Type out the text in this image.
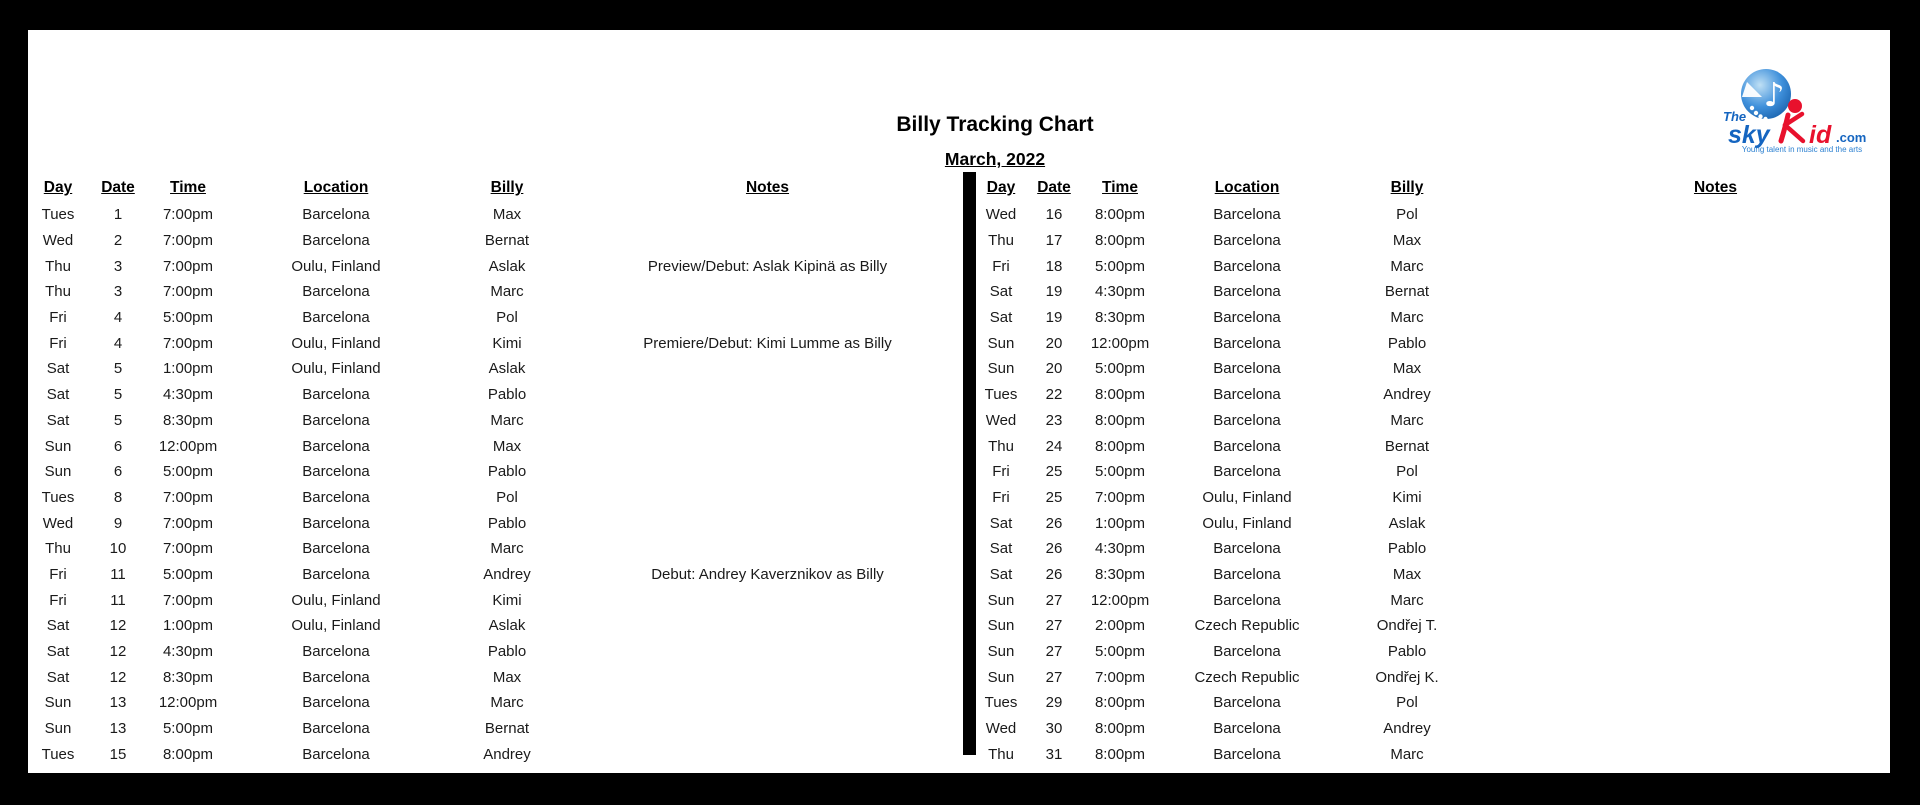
Billy Tracking Chart
March, 2022
♪
The
sky id .com
Young talent in music and the arts
Day	Date	Time	Location	Billy	Notes
Tues	1	7:00pm	Barcelona	Max	
Wed	2	7:00pm	Barcelona	Bernat	
Thu	3	7:00pm	Oulu, Finland	Aslak	Preview/Debut: Aslak Kipinä as Billy
Thu	3	7:00pm	Barcelona	Marc	
Fri	4	5:00pm	Barcelona	Pol	
Fri	4	7:00pm	Oulu, Finland	Kimi	Premiere/Debut: Kimi Lumme as Billy
Sat	5	1:00pm	Oulu, Finland	Aslak	
Sat	5	4:30pm	Barcelona	Pablo	
Sat	5	8:30pm	Barcelona	Marc	
Sun	6	12:00pm	Barcelona	Max	
Sun	6	5:00pm	Barcelona	Pablo	
Tues	8	7:00pm	Barcelona	Pol	
Wed	9	7:00pm	Barcelona	Pablo	
Thu	10	7:00pm	Barcelona	Marc	
Fri	11	5:00pm	Barcelona	Andrey	Debut: Andrey Kaverznikov as Billy
Fri	11	7:00pm	Oulu, Finland	Kimi	
Sat	12	1:00pm	Oulu, Finland	Aslak	
Sat	12	4:30pm	Barcelona	Pablo	
Sat	12	8:30pm	Barcelona	Max	
Sun	13	12:00pm	Barcelona	Marc	
Sun	13	5:00pm	Barcelona	Bernat	
Tues	15	8:00pm	Barcelona	Andrey	
Day	Date	Time	Location	Billy	Notes
Wed	16	8:00pm	Barcelona	Pol	
Thu	17	8:00pm	Barcelona	Max	
Fri	18	5:00pm	Barcelona	Marc	
Sat	19	4:30pm	Barcelona	Bernat	
Sat	19	8:30pm	Barcelona	Marc	
Sun	20	12:00pm	Barcelona	Pablo	
Sun	20	5:00pm	Barcelona	Max	
Tues	22	8:00pm	Barcelona	Andrey	
Wed	23	8:00pm	Barcelona	Marc	
Thu	24	8:00pm	Barcelona	Bernat	
Fri	25	5:00pm	Barcelona	Pol	
Fri	25	7:00pm	Oulu, Finland	Kimi	
Sat	26	1:00pm	Oulu, Finland	Aslak	
Sat	26	4:30pm	Barcelona	Pablo	
Sat	26	8:30pm	Barcelona	Max	
Sun	27	12:00pm	Barcelona	Marc	
Sun	27	2:00pm	Czech Republic	Ondřej T.	
Sun	27	5:00pm	Barcelona	Pablo	
Sun	27	7:00pm	Czech Republic	Ondřej K.	
Tues	29	8:00pm	Barcelona	Pol	
Wed	30	8:00pm	Barcelona	Andrey	
Thu	31	8:00pm	Barcelona	Marc	
